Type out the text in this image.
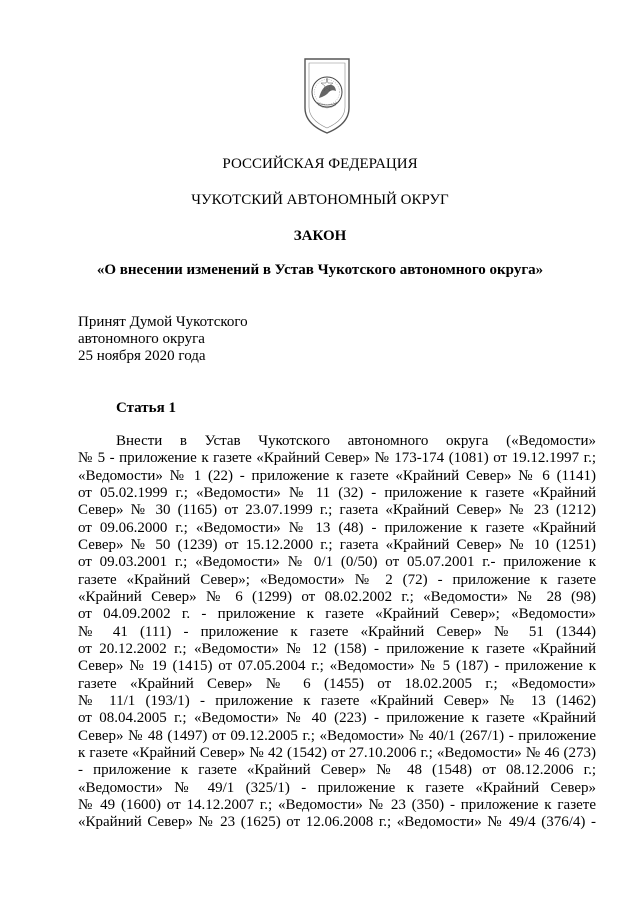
РОССИЙСКАЯ ФЕДЕРАЦИЯ
ЧУКОТСКИЙ АВТОНОМНЫЙ ОКРУГ
ЗАКОН
«О внесении изменений в Устав Чукотского автономного округа»
Принят Думой Чукотского
автономного округа
25 ноября 2020 года
Статья 1
Внести в Устав Чукотского автономного округа («Ведомости»
№ 5 - приложение к газете «Крайний Север» № 173-174 (1081) от 19.12.1997 г.;
«Ведомости» № 1 (22) - приложение к газете «Крайний Север» № 6 (1141)
от 05.02.1999 г.; «Ведомости» № 11 (32) - приложение к газете «Крайний
Север» № 30 (1165) от 23.07.1999 г.; газета «Крайний Север» № 23 (1212)
от 09.06.2000 г.; «Ведомости» № 13 (48) - приложение к газете «Крайний
Север» № 50 (1239) от 15.12.2000 г.; газета «Крайний Север» № 10 (1251)
от 09.03.2001 г.; «Ведомости» № 0/1 (0/50) от 05.07.2001 г.- приложение к
газете «Крайний Север»; «Ведомости» № 2 (72) - приложение к газете
«Крайний Север» № 6 (1299) от 08.02.2002 г.; «Ведомости» № 28 (98)
от 04.09.2002 г. - приложение к газете «Крайний Север»; «Ведомости»
№ 41 (111) - приложение к газете «Крайний Север» № 51 (1344)
от 20.12.2002 г.; «Ведомости» № 12 (158) - приложение к газете «Крайний
Север» № 19 (1415) от 07.05.2004 г.; «Ведомости» № 5 (187) - приложение к
газете «Крайний Север» № 6 (1455) от 18.02.2005 г.; «Ведомости»
№ 11/1 (193/1) - приложение к газете «Крайний Север» № 13 (1462)
от 08.04.2005 г.; «Ведомости» № 40 (223) - приложение к газете «Крайний
Север» № 48 (1497) от 09.12.2005 г.; «Ведомости» № 40/1 (267/1) - приложение
к газете «Крайний Север» № 42 (1542) от 27.10.2006 г.; «Ведомости» № 46 (273)
- приложение к газете «Крайний Север» № 48 (1548) от 08.12.2006 г.;
«Ведомости» № 49/1 (325/1) - приложение к газете «Крайний Север»
№ 49 (1600) от 14.12.2007 г.; «Ведомости» № 23 (350) - приложение к газете
«Крайний Север» № 23 (1625) от 12.06.2008 г.; «Ведомости» № 49/4 (376/4) -
